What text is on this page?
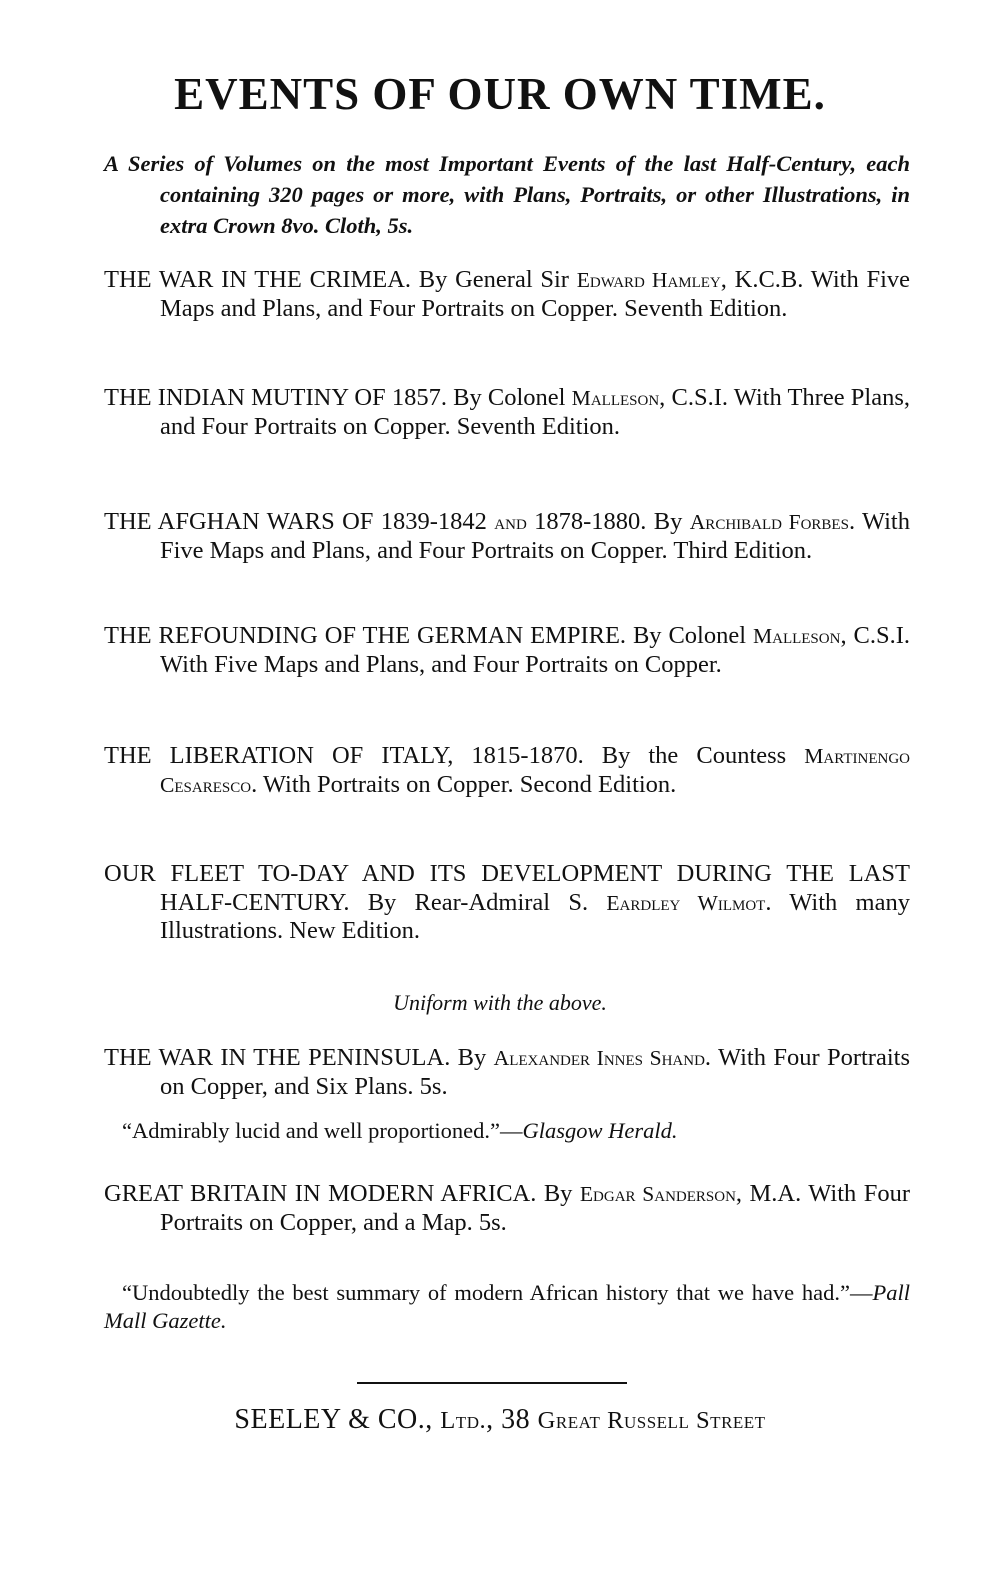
EVENTS OF OUR OWN TIME.
A Series of Volumes on the most Important Events of the last Half-Century, each containing 320 pages or more, with Plans, Portraits, or other Illustrations, in extra Crown 8vo. Cloth, 5s.
THE WAR IN THE CRIMEA. By General Sir Edward Hamley, K.C.B. With Five Maps and Plans, and Four Portraits on Copper. Seventh Edition.
THE INDIAN MUTINY OF 1857. By Colonel Malleson, C.S.I. With Three Plans, and Four Portraits on Copper. Seventh Edition.
THE AFGHAN WARS OF 1839-1842 and 1878-1880. By Archibald Forbes. With Five Maps and Plans, and Four Portraits on Copper. Third Edition.
THE REFOUNDING OF THE GERMAN EMPIRE. By Colonel Malleson, C.S.I. With Five Maps and Plans, and Four Portraits on Copper.
THE LIBERATION OF ITALY, 1815-1870. By the Countess Martinengo Cesaresco. With Portraits on Copper. Second Edition.
OUR FLEET TO-DAY AND ITS DEVELOPMENT DURING THE LAST HALF-CENTURY. By Rear-Admiral S. Eardley Wilmot. With many Illustrations. New Edition.
Uniform with the above.
THE WAR IN THE PENINSULA. By Alexander Innes Shand. With Four Portraits on Copper, and Six Plans. 5s.
“Admirably lucid and well proportioned.”—Glasgow Herald.
GREAT BRITAIN IN MODERN AFRICA. By Edgar Sanderson, M.A. With Four Portraits on Copper, and a Map. 5s.
“Undoubtedly the best summary of modern African history that we have had.”—Pall Mall Gazette.
SEELEY & CO., Ltd., 38 Great Russell Street
